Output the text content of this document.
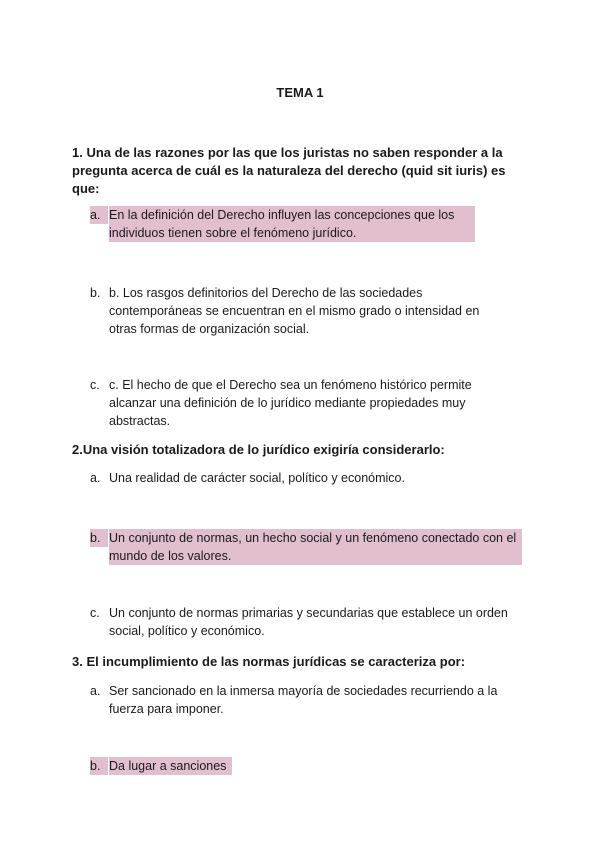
TEMA 1
1. Una de las razones por las que los juristas no saben responder a la pregunta acerca de cuál es la naturaleza del derecho (quid sit iuris) es que:
a. En la definición del Derecho influyen las concepciones que los individuos tienen sobre el fenómeno jurídico.
b. b. Los rasgos definitorios del Derecho de las sociedades contemporáneas se encuentran en el mismo grado o intensidad en otras formas de organización social.
c. c. El hecho de que el Derecho sea un fenómeno histórico permite alcanzar una definición de lo jurídico mediante propiedades muy abstractas.
2.Una visión totalizadora de lo jurídico exigiría considerarlo:
a. Una realidad de carácter social, político y económico.
b. Un conjunto de normas, un hecho social y un fenómeno conectado con el mundo de los valores.
c. Un conjunto de normas primarias y secundarias que establece un orden social, político y económico.
3. El incumplimiento de las normas jurídicas se caracteriza por:
a. Ser sancionado en la inmersa mayoría de sociedades recurriendo a la fuerza para imponer.
b. Da lugar a sanciones
